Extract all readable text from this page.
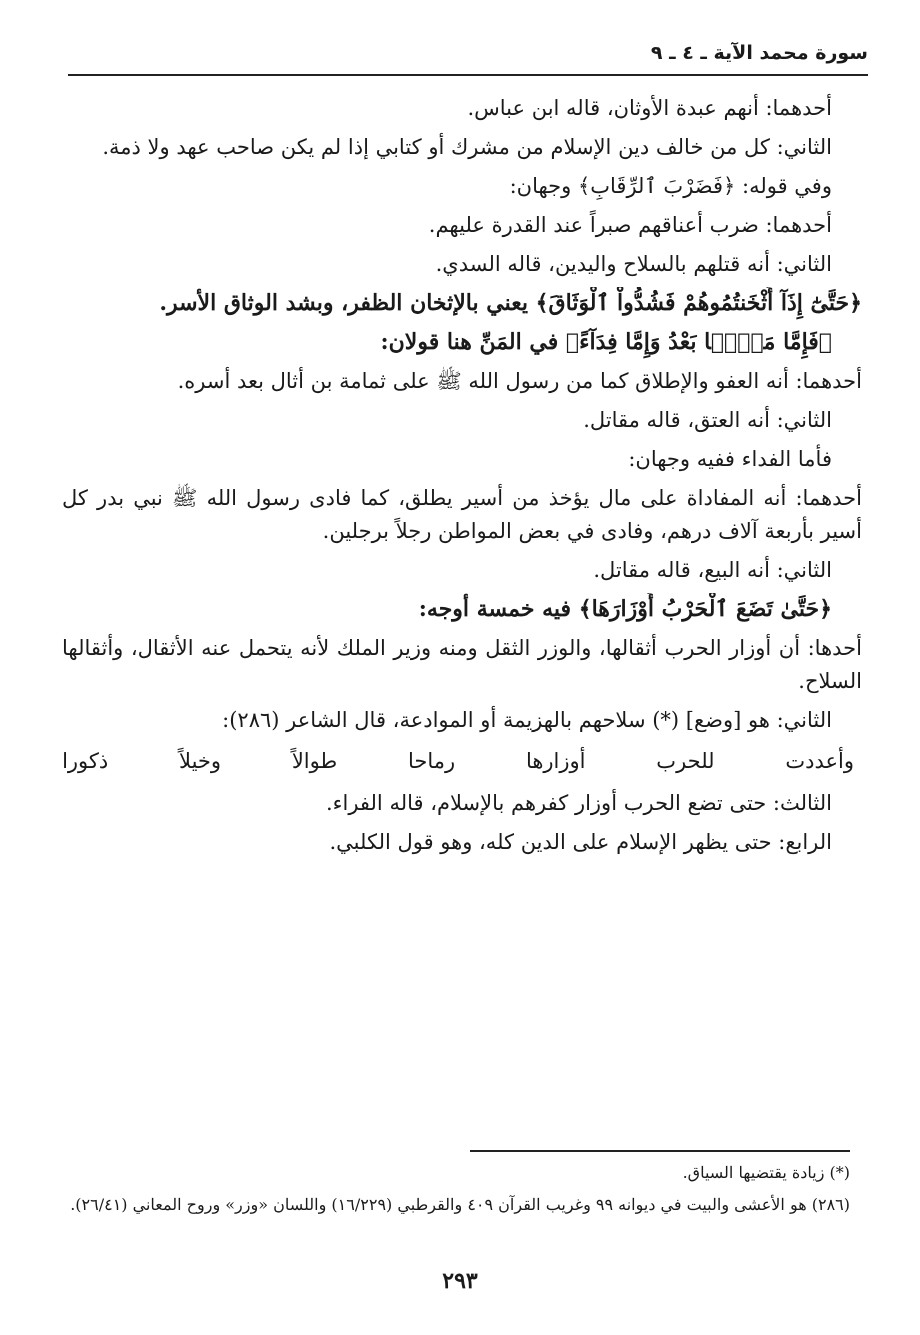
سورة محمد الآية ـ ٤ ـ ٩

أحدهما: أنهم عبدة الأوثان، قاله ابن عباس.

الثاني: كل من خالف دين الإسلام من مشرك أو كتابي إذا لم يكن صاحب عهد ولا ذمة.

وفي قوله: ﴿فَضَرْبَ ٱلرِّقَابِ﴾ وجهان:

أحدهما: ضرب أعناقهم صبراً عند القدرة عليهم.

الثاني: أنه قتلهم بالسلاح واليدين، قاله السدي.

﴿حَتَّىٰٓ إِذَآ أَثْخَنتُمُوهُمْ فَشُدُّواْ ٱلْوَثَاقَ﴾ يعني بالإثخان الظفر، وبشد الوثاق الأسر.

﴿فَإِمَّا مَنًّۢا بَعْدُ وَإِمَّا فِدَآءً﴾ في المَنِّ هنا قولان:

أحدهما: أنه العفو والإطلاق كما من رسول الله ﷺ على ثمامة بن أثال بعد أسره.

الثاني: أنه العتق، قاله مقاتل.

فأما الفداء ففيه وجهان:

أحدهما: أنه المفاداة على مال يؤخذ من أسير يطلق، كما فادى رسول الله ﷺ نبي بدر كل أسير بأربعة آلاف درهم، وفادى في بعض المواطن رجلاً برجلين.

الثاني: أنه البيع، قاله مقاتل.

﴿حَتَّىٰ تَضَعَ ٱلْحَرْبُ أَوْزَارَهَا﴾ فيه خمسة أوجه:

أحدها: أن أوزار الحرب أثقالها، والوزر الثقل ومنه وزير الملك لأنه يتحمل عنه الأثقال، وأثقالها السلاح.

الثاني: هو [وضع] (*) سلاحهم بالهزيمة أو الموادعة، قال الشاعر (٢٨٦):

وأعددت
للحرب
أوزارها
رماحا
طوالاً
وخيلاً
ذكورا

الثالث: حتى تضع الحرب أوزار كفرهم بالإسلام، قاله الفراء.

الرابع: حتى يظهر الإسلام على الدين كله، وهو قول الكلبي.

(*) زيادة يقتضيها السياق.

(٢٨٦) هو الأعشى والبيت في ديوانه ٩٩ وغريب القرآن ٤٠٩ والقرطبي (١٦/٢٢٩) واللسان «وزر» وروح المعاني (٢٦/٤١).

٢٩٣
